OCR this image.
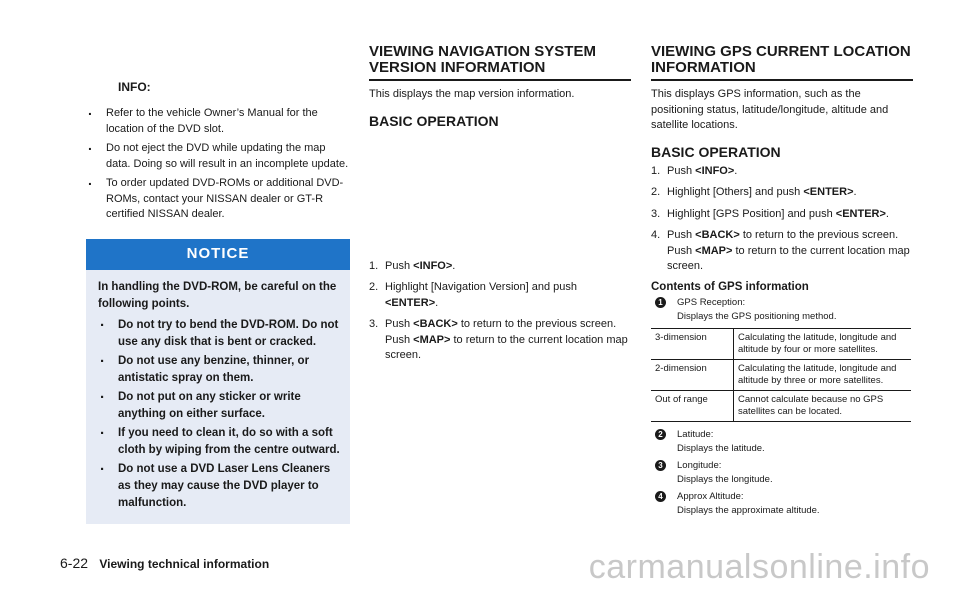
INFO:
. Refer to the vehicle Owner’s Manual for the location of the DVD slot.
. Do not eject the DVD while updating the map data. Doing so will result in an incomplete update.
. To order updated DVD-ROMs or additional DVD-ROMs, contact your NISSAN dealer or GT-R certified NISSAN dealer.
NOTICE

In handling the DVD-ROM, be careful on the following points.

. Do not try to bend the DVD-ROM. Do not use any disk that is bent or cracked.
. Do not use any benzine, thinner, or antistatic spray on them.
. Do not put on any sticker or write anything on either surface.
. If you need to clean it, do so with a soft cloth by wiping from the centre outward.
. Do not use a DVD Laser Lens Cleaners as they may cause the DVD player to malfunction.
VIEWING NAVIGATION SYSTEM VERSION INFORMATION

This displays the map version information.

BASIC OPERATION
1. Push <INFO>.
2. Highlight [Navigation Version] and push <ENTER>.
3. Push <BACK> to return to the previous screen. Push <MAP> to return to the current location map screen.
VIEWING GPS CURRENT LOCATION INFORMATION

This displays GPS information, such as the positioning status, latitude/longitude, altitude and satellite locations.

BASIC OPERATION
1. Push <INFO>.
2. Highlight [Others] and push <ENTER>.
3. Highlight [GPS Position] and push <ENTER>.
4. Push <BACK> to return to the previous screen. Push <MAP> to return to the current location map screen.
Contents of GPS information
1	GPS Reception:
Displays the GPS positioning method.
3-dimension	Calculating the latitude, longitude and altitude by four or more satellites.
2-dimension	Calculating the latitude, longitude and altitude by three or more satellites.
Out of range	Cannot calculate because no GPS satellites can be located.
2	Latitude:
Displays the latitude.
3	Longitude:
Displays the longitude.
4	Approx Altitude:
Displays the approximate altitude.
6-22 Viewing technical information	carmanualsonline.info
